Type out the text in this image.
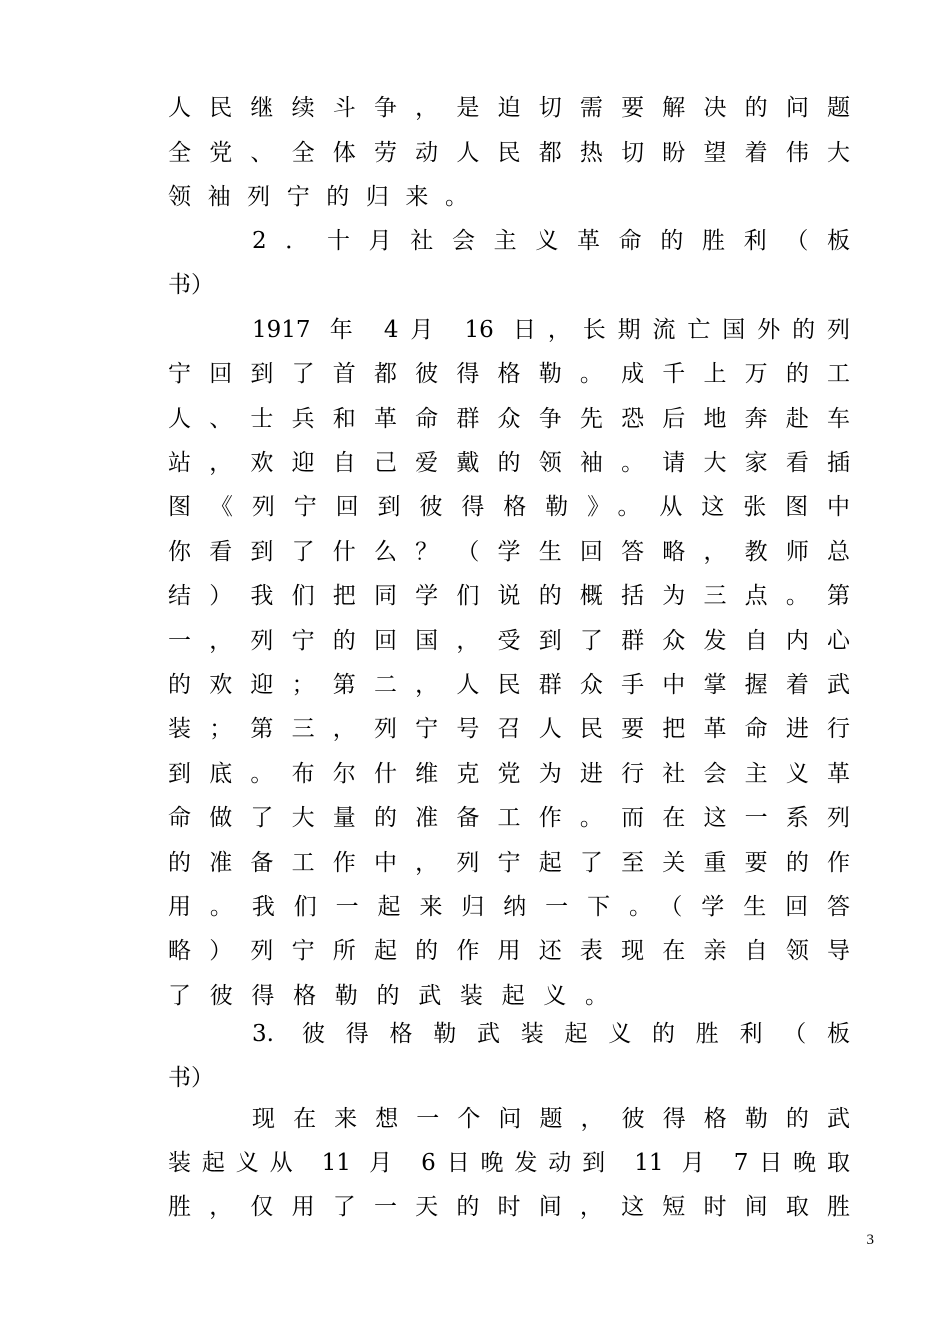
人民继续斗争，是迫切需要解决的问题
全党、全体劳动人民都热切盼望着伟大
领袖列宁的归来。
2．十月社会主义革命的胜利（板
书）
1917 年 4月 16 日，长期流亡国外的列
宁回到了首都彼得格勒。成千上万的工
人、士兵和革命群众争先恐后地奔赴车
站，欢迎自己爱戴的领袖。请大家看插
图《列宁回到彼得格勒》。从这张图中
你看到了什么？（学生回答略，教师总
结）我们把同学们说的概括为三点。第
一，列宁的回国，受到了群众发自内心
的欢迎；第二，人民群众手中掌握着武
装；第三，列宁号召人民要把革命进行
到底。布尔什维克党为进行社会主义革
命做了大量的准备工作。而在这一系列
的准备工作中，列宁起了至关重要的作
用。我们一起来归纳一下。（学生回答
略）列宁所起的作用还表现在亲自领导
了彼得格勒的武装起义。
3. 彼得格勒武装起义的胜利（板
书）
现在来想一个问题，彼得格勒的武
装起义从 11 月 6日晚发动到 11 月 7日晚取
胜，仅用了一天的时间，这短时间取胜
3
